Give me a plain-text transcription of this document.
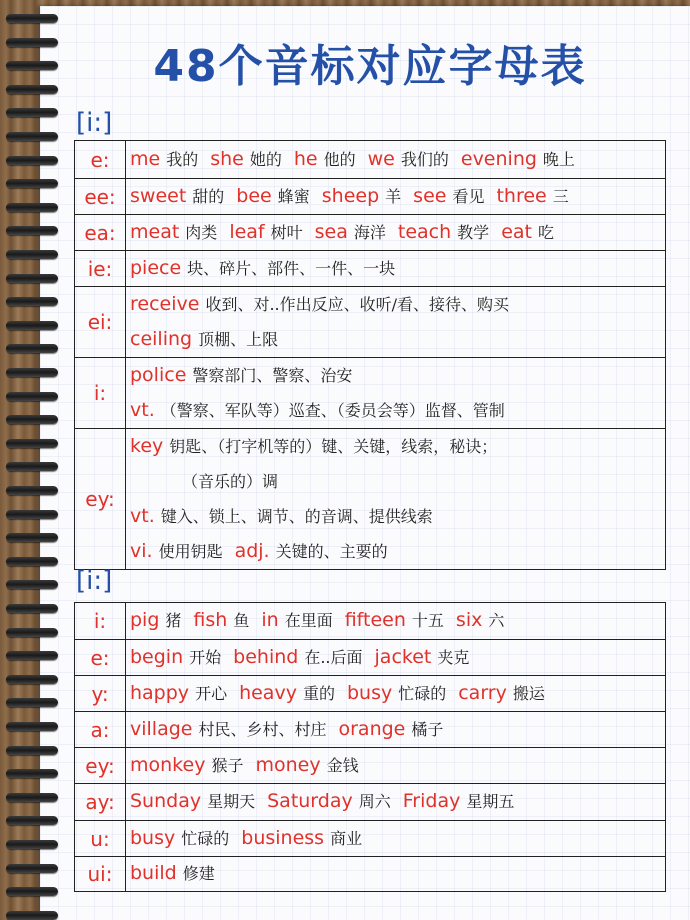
48个音标对应字母表
[i:]
e:	me 我的 she 她的 he 他的 we 我们的 evening 晚上

ee:	sweet 甜的 bee 蜂蜜 sheep 羊 see 看见 three 三

ea:	meat 肉类 leaf 树叶 sea 海洋 teach 教学 eat 吃

ie:	piece 块、碎片、部件、一件、一块

ei:	receive 收到、对..作出反应、收听/看、接待、购买
ceiling 顶棚、上限

i:	police 警察部门、警察、治安
vt. （警察、军队等）巡查、（委员会等）监督、管制

ey:	key 钥匙、（打字机等的）键、关键，线索，秘诀；
（音乐的）调
vt. 键入、锁上、调节、的音调、提供线索
vi. 使用钥匙 adj. 关键的、主要的
[i:]
i:	pig 猪 fish 鱼 in 在里面 fifteen 十五 six 六

e:	begin 开始 behind 在..后面 jacket 夹克

y:	happy 开心 heavy 重的 busy 忙碌的 carry 搬运

a:	village 村民、乡村、村庄 orange 橘子

ey:	monkey 猴子 money 金钱

ay:	Sunday 星期天 Saturday 周六 Friday 星期五

u:	busy 忙碌的 business 商业

ui:	build 修建
